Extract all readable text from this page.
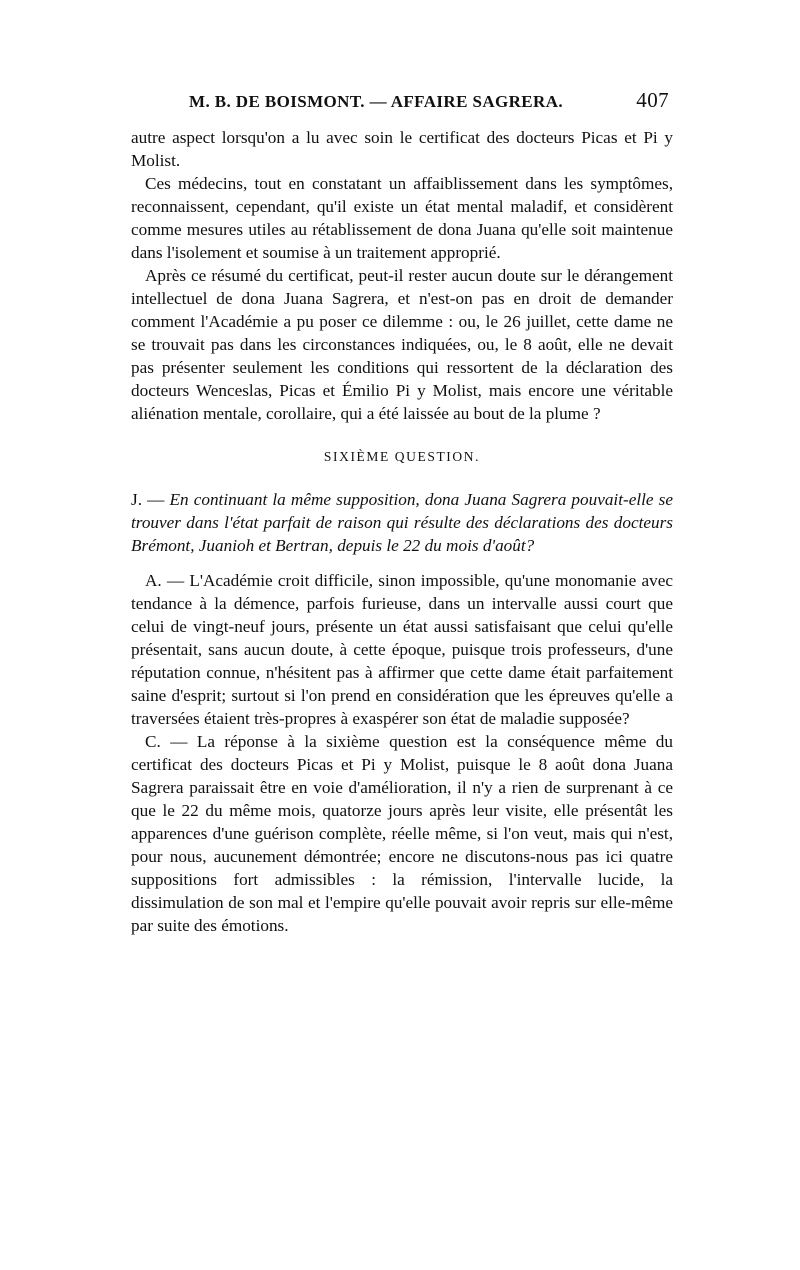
M. B. DE BOISMONT. — AFFAIRE SAGRERA.	407

autre aspect lorsqu'on a lu avec soin le certificat des docteurs Picas et Pi y Molist.

Ces médecins, tout en constatant un affaiblissement dans les symptômes, reconnaissent, cependant, qu'il existe un état mental maladif, et considèrent comme mesures utiles au rétablissement de dona Juana qu'elle soit maintenue dans l'isolement et soumise à un traitement approprié.

Après ce résumé du certificat, peut-il rester aucun doute sur le dérangement intellectuel de dona Juana Sagrera, et n'est-on pas en droit de demander comment l'Académie a pu poser ce dilemme : ou, le 26 juillet, cette dame ne se trouvait pas dans les circonstances indiquées, ou, le 8 août, elle ne devait pas présenter seulement les conditions qui ressortent de la déclaration des docteurs Wenceslas, Picas et Émilio Pi y Molist, mais encore une véritable aliénation mentale, corollaire, qui a été laissée au bout de la plume ?

SIXIÈME QUESTION.

J. — En continuant la même supposition, dona Juana Sagrera pouvait-elle se trouver dans l'état parfait de raison qui résulte des déclarations des docteurs Brémont, Juanioh et Bertran, depuis le 22 du mois d'août?

A. — L'Académie croit difficile, sinon impossible, qu'une monomanie avec tendance à la démence, parfois furieuse, dans un intervalle aussi court que celui de vingt-neuf jours, présente un état aussi satisfaisant que celui qu'elle présentait, sans aucun doute, à cette époque, puisque trois professeurs, d'une réputation connue, n'hésitent pas à affirmer que cette dame était parfaitement saine d'esprit; surtout si l'on prend en considération que les épreuves qu'elle a traversées étaient très-propres à exaspérer son état de maladie supposée?

C. — La réponse à la sixième question est la conséquence même du certificat des docteurs Picas et Pi y Molist, puisque le 8 août dona Juana Sagrera paraissait être en voie d'amélioration, il n'y a rien de surprenant à ce que le 22 du même mois, quatorze jours après leur visite, elle présentât les apparences d'une guérison complète, réelle même, si l'on veut, mais qui n'est, pour nous, aucunement démontrée; encore ne discutons-nous pas ici quatre suppositions fort admissibles : la rémission, l'intervalle lucide, la dissimulation de son mal et l'empire qu'elle pouvait avoir repris sur elle-même par suite des émotions.
